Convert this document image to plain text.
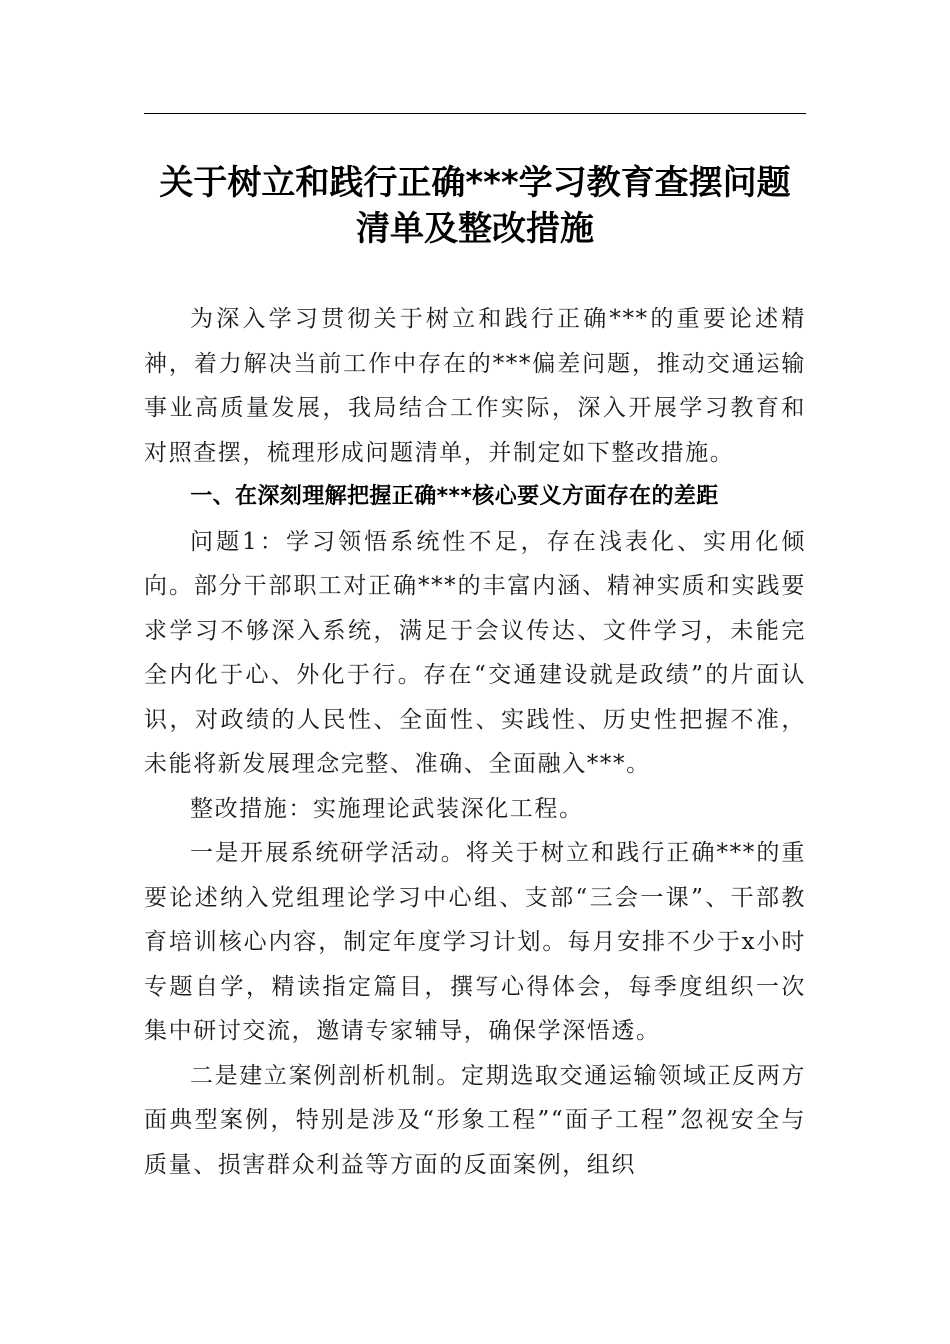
关于树立和践行正确***学习教育查摆问题
清单及整改措施

为深入学习贯彻关于树立和践行正确***的重要论述精神，着力解决当前工作中存在的***偏差问题，推动交通运输事业高质量发展，我局结合工作实际，深入开展学习教育和对照查摆，梳理形成问题清单，并制定如下整改措施。

一、在深刻理解把握正确***核心要义方面存在的差距

问题1：学习领悟系统性不足，存在浅表化、实用化倾向。部分干部职工对正确***的丰富内涵、精神实质和实践要求学习不够深入系统，满足于会议传达、文件学习，未能完全内化于心、外化于行。存在“交通建设就是政绩”的片面认识，对政绩的人民性、全面性、实践性、历史性把握不准，未能将新发展理念完整、准确、全面融入***。

整改措施：实施理论武装深化工程。

一是开展系统研学活动。将关于树立和践行正确***的重要论述纳入党组理论学习中心组、支部“三会一课”、干部教育培训核心内容，制定年度学习计划。每月安排不少于x小时专题自学，精读指定篇目，撰写心得体会，每季度组织一次集中研讨交流，邀请专家辅导，确保学深悟透。

二是建立案例剖析机制。定期选取交通运输领域正反两方面典型案例，特别是涉及“形象工程”“面子工程”忽视安全与质量、损害群众利益等方面的反面案例，组织
